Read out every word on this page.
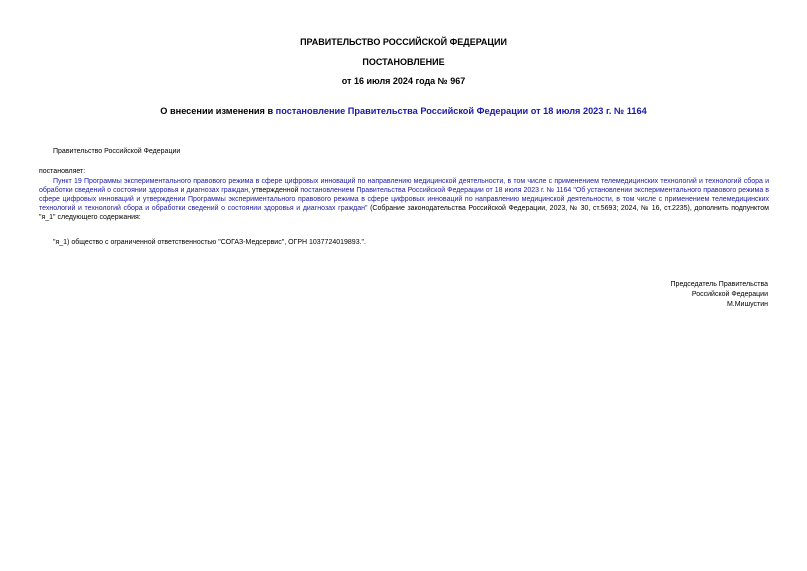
ПРАВИТЕЛЬСТВО РОССИЙСКОЙ ФЕДЕРАЦИИ
ПОСТАНОВЛЕНИЕ
от 16 июля 2024 года № 967
О внесении изменения в постановление Правительства Российской Федерации от 18 июля 2023 г. № 1164
Правительство Российской Федерации
постановляет:
Пункт 19 Программы экспериментального правового режима в сфере цифровых инноваций по направлению медицинской деятельности, в том числе с применением телемедицинских технологий и технологий сбора и обработки сведений о состоянии здоровья и диагнозах граждан, утвержденной постановлением Правительства Российской Федерации от 18 июля 2023 г. № 1164 "Об установлении экспериментального правового режима в сфере цифровых инноваций и утверждении Программы экспериментального правового режима в сфере цифровых инноваций по направлению медицинской деятельности, в том числе с применением телемедицинских технологий и технологий сбора и обработки сведений о состоянии здоровья и диагнозах граждан" (Собрание законодательства Российской Федерации, 2023, № 30, ст.5693; 2024, № 16, ст.2235), дополнить подпунктом "я_1" следующего содержания:
"я_1) общество с ограниченной ответственностью "СОГАЗ-Медсервис", ОГРН 1037724019893.".
Председатель Правительства
Российской Федерации
М.Мишустин
